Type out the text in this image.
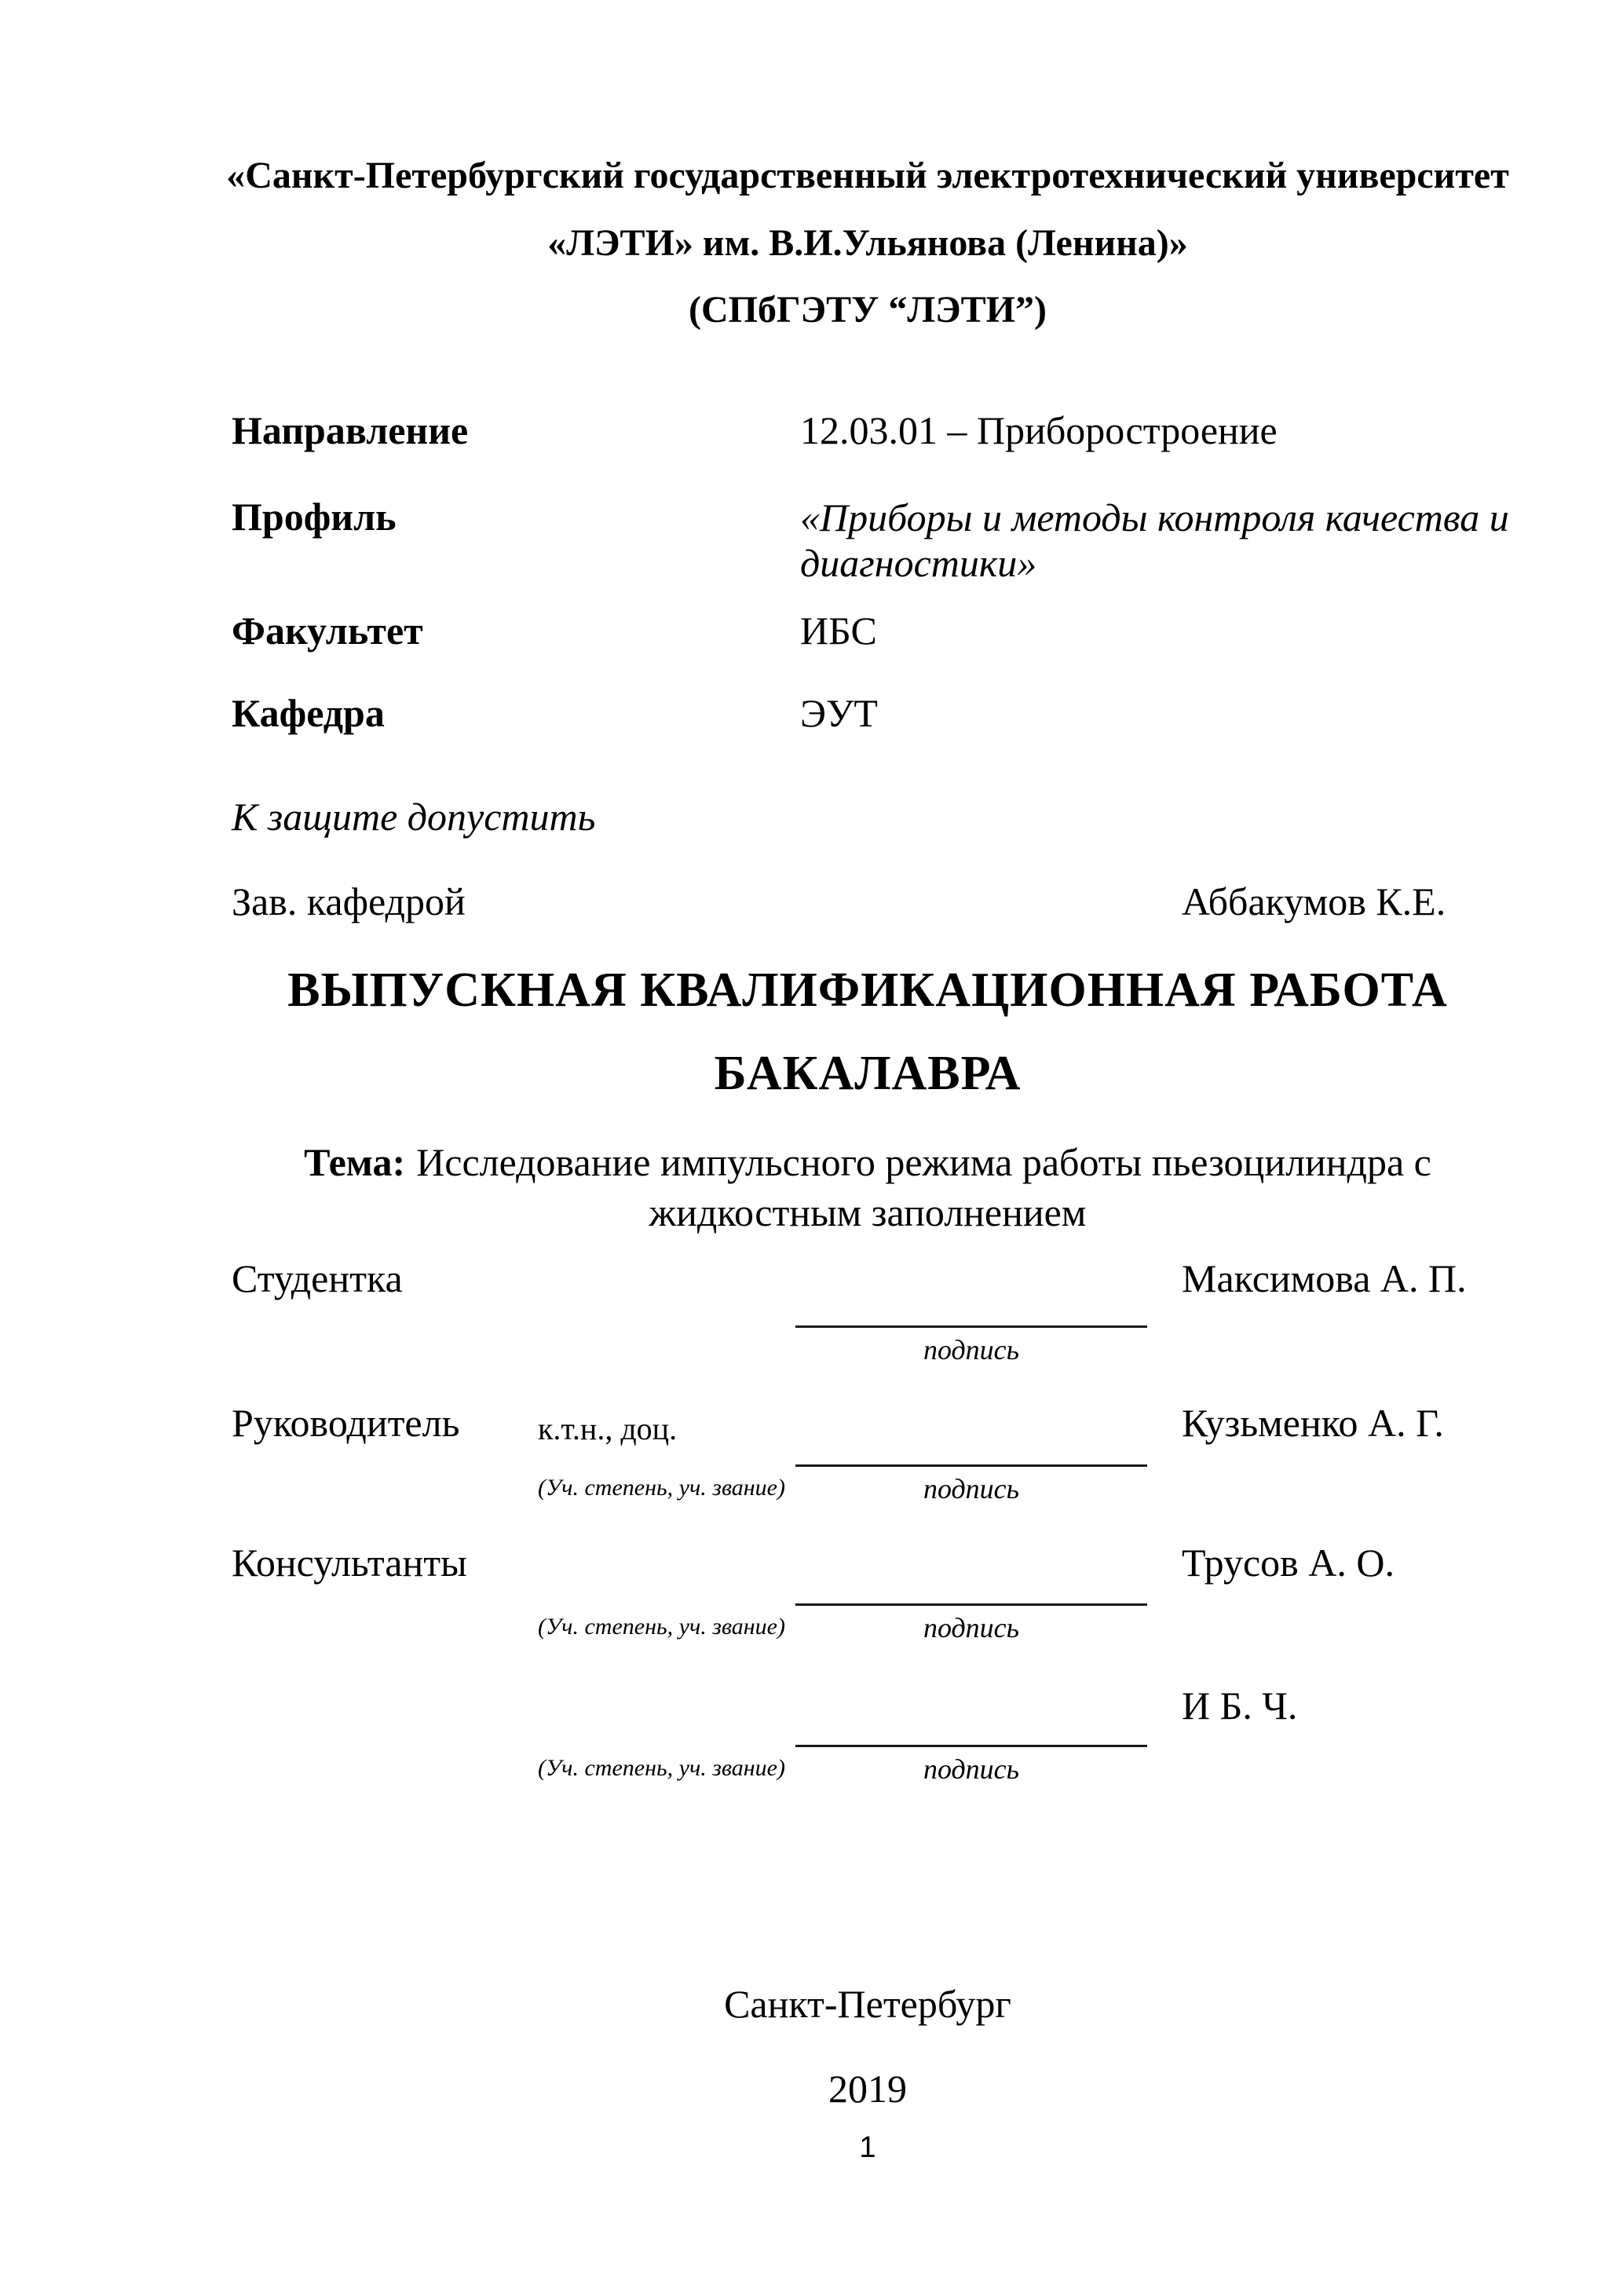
«Санкт-Петербургский государственный электротехнический университет
«ЛЭТИ» им. В.И.Ульянова (Ленина)»
(СПбГЭТУ “ЛЭТИ”)
Направление	12.03.01 – Приборостроение
Профиль	«Приборы и методы контроля качества и диагностики»
Факультет	ИБС
Кафедра	ЭУТ
К защите допустить
Зав. кафедрой	Аббакумов К.Е.
ВЫПУСКНАЯ КВАЛИФИКАЦИОННАЯ РАБОТА
БАКАЛАВРА
Тема: Исследование импульсного режима работы пьезоцилиндра с
жидкостным заполнением
Студентка	Максимова А. П.
подпись
Руководитель к.т.н., доц.	Кузьменко А. Г.
(Уч. степень, уч. звание)	подпись
Консультанты	Трусов А. О.
(Уч. степень, уч. звание)	подпись
И Б. Ч.
(Уч. степень, уч. звание)	подпись
Санкт-Петербург
2019
1
